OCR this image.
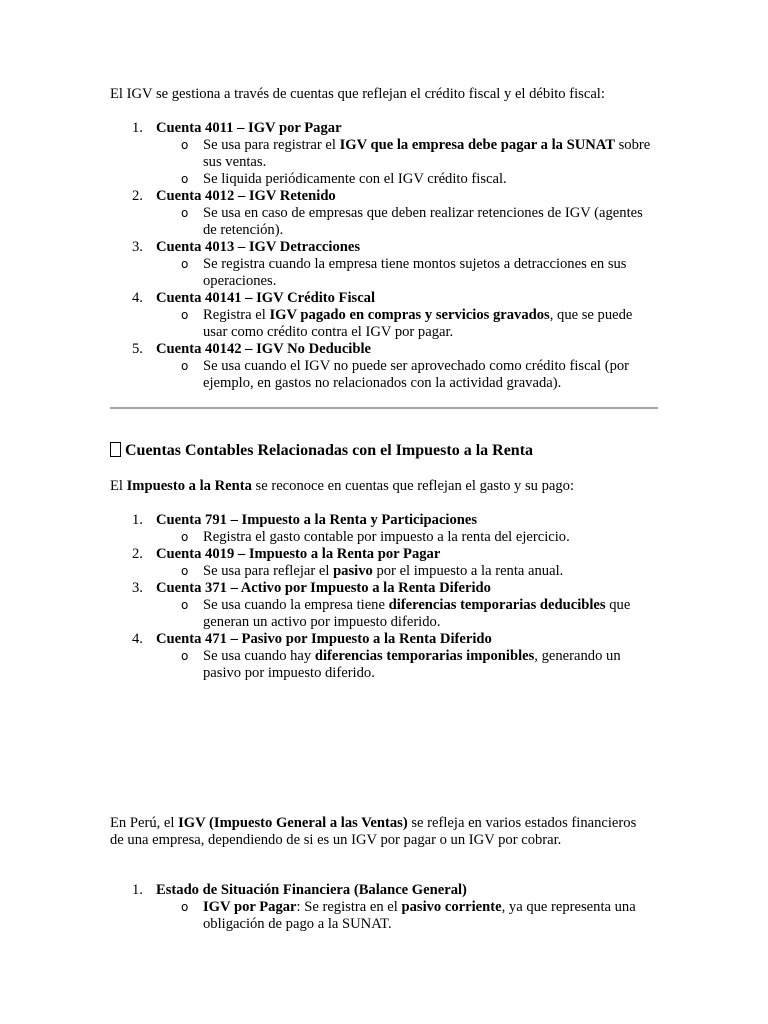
El IGV se gestiona a través de cuentas que reflejan el crédito fiscal y el débito fiscal:

1. Cuenta 4011 – IGV por Pagar
o Se usa para registrar el IGV que la empresa debe pagar a la SUNAT sobre sus ventas.
o Se liquida periódicamente con el IGV crédito fiscal.
2. Cuenta 4012 – IGV Retenido
o Se usa en caso de empresas que deben realizar retenciones de IGV (agentes de retención).
3. Cuenta 4013 – IGV Detracciones
o Se registra cuando la empresa tiene montos sujetos a detracciones en sus operaciones.
4. Cuenta 40141 – IGV Crédito Fiscal
o Registra el IGV pagado en compras y servicios gravados, que se puede usar como crédito contra el IGV por pagar.
5. Cuenta 40142 – IGV No Deducible
o Se usa cuando el IGV no puede ser aprovechado como crédito fiscal (por ejemplo, en gastos no relacionados con la actividad gravada).
Cuentas Contables Relacionadas con el Impuesto a la Renta

El Impuesto a la Renta se reconoce en cuentas que reflejan el gasto y su pago:

1. Cuenta 791 – Impuesto a la Renta y Participaciones
o Registra el gasto contable por impuesto a la renta del ejercicio.
2. Cuenta 4019 – Impuesto a la Renta por Pagar
o Se usa para reflejar el pasivo por el impuesto a la renta anual.
3. Cuenta 371 – Activo por Impuesto a la Renta Diferido
o Se usa cuando la empresa tiene diferencias temporarias deducibles que generan un activo por impuesto diferido.
4. Cuenta 471 – Pasivo por Impuesto a la Renta Diferido
o Se usa cuando hay diferencias temporarias imponibles, generando un pasivo por impuesto diferido.

En Perú, el IGV (Impuesto General a las Ventas) se refleja en varios estados financieros de una empresa, dependiendo de si es un IGV por pagar o un IGV por cobrar.

1. Estado de Situación Financiera (Balance General)
o IGV por Pagar: Se registra en el pasivo corriente, ya que representa una obligación de pago a la SUNAT.
